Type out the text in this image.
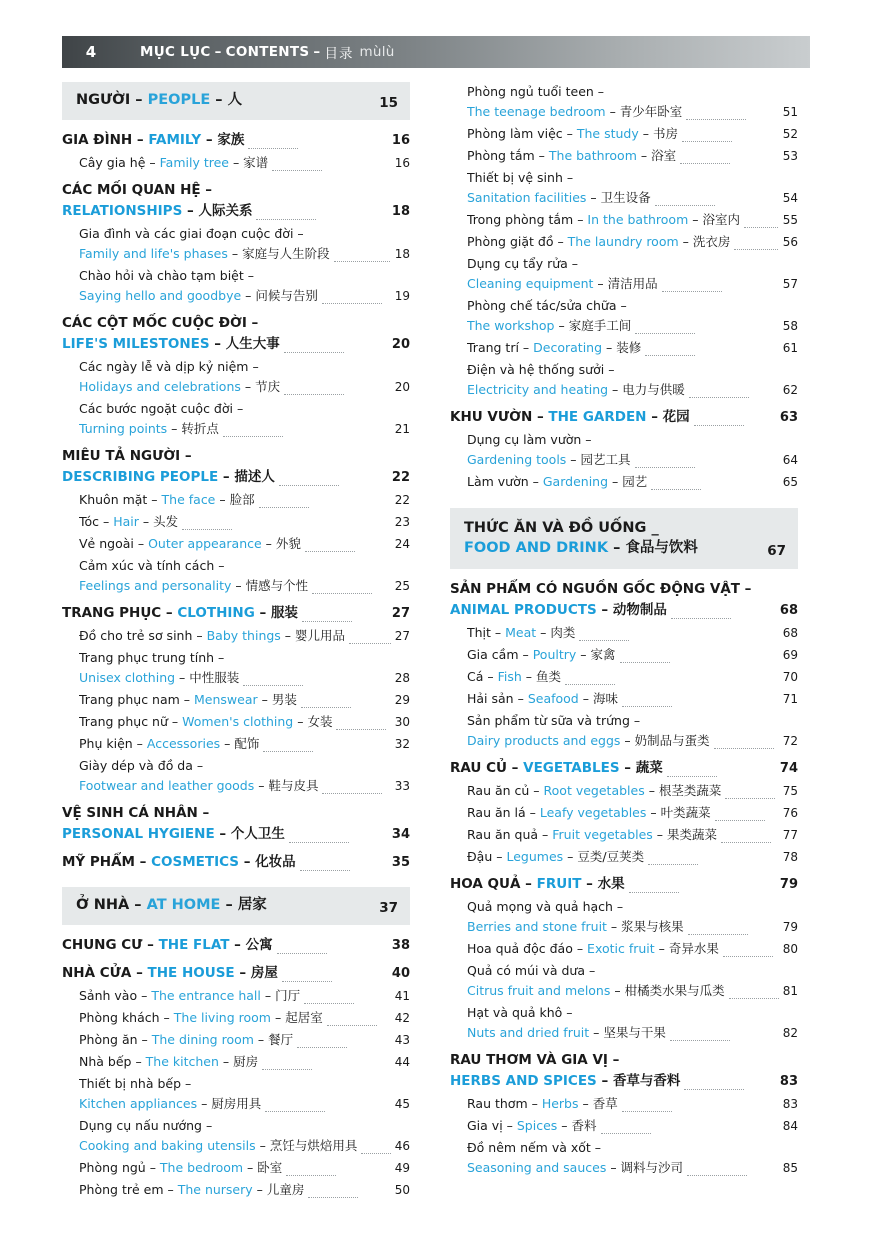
4	MỤC LỤC – CONTENTS – 目录 mùlù
NGƯỜI – PEOPLE – 人	15
GIA ĐÌNH – FAMILY – 家族	16
Cây gia hệ – Family tree – 家谱	16
CÁC MỐI QUAN HỆ –
RELATIONSHIPS – 人际关系	18
Gia đình và các giai đoạn cuộc đời –
Family and life's phases – 家庭与人生阶段	18
Chào hỏi và chào tạm biệt –
Saying hello and goodbye – 问候与告别	19
CÁC CỘT MỐC CUỘC ĐỜI –
LIFE'S MILESTONES – 人生大事	20
Các ngày lễ và dịp kỷ niệm –
Holidays and celebrations – 节庆	20
Các bước ngoặt cuộc đời –
Turning points – 转折点	21
MIÊU TẢ NGƯỜI –
DESCRIBING PEOPLE – 描述人	22
Khuôn mặt – The face – 脸部	22
Tóc – Hair – 头发	23
Vẻ ngoài – Outer appearance – 外貌	24
Cảm xúc và tính cách –
Feelings and personality – 情感与个性	25
TRANG PHỤC – CLOTHING – 服装	27
Đồ cho trẻ sơ sinh – Baby things – 婴儿用品	27
Trang phục trung tính –
Unisex clothing – 中性服装	28
Trang phục nam – Menswear – 男装	29
Trang phục nữ – Women's clothing – 女装	30
Phụ kiện – Accessories – 配饰	32
Giày dép và đồ da –
Footwear and leather goods – 鞋与皮具	33
VỆ SINH CÁ NHÂN –
PERSONAL HYGIENE – 个人卫生	34
MỸ PHẨM – COSMETICS – 化妆品	35
Ở NHÀ – AT HOME – 居家	37
CHUNG CƯ – THE FLAT – 公寓	38
NHÀ CỬA – THE HOUSE – 房屋	40
Sảnh vào – The entrance hall – 门厅	41
Phòng khách – The living room – 起居室	42
Phòng ăn – The dining room – 餐厅	43
Nhà bếp – The kitchen – 厨房	44
Thiết bị nhà bếp –
Kitchen appliances – 厨房用具	45
Dụng cụ nấu nướng –
Cooking and baking utensils – 烹饪与烘焙用具	46
Phòng ngủ – The bedroom – 卧室	49
Phòng trẻ em – The nursery – 儿童房	50
Phòng ngủ tuổi teen –
The teenage bedroom – 青少年卧室	51
Phòng làm việc – The study – 书房	52
Phòng tắm – The bathroom – 浴室	53
Thiết bị vệ sinh –
Sanitation facilities – 卫生设备	54
Trong phòng tắm – In the bathroom – 浴室内	55
Phòng giặt đồ – The laundry room – 洗衣房	56
Dụng cụ tẩy rửa –
Cleaning equipment – 清洁用品	57
Phòng chế tác/sửa chữa –
The workshop – 家庭手工间	58
Trang trí – Decorating – 装修	61
Điện và hệ thống sưởi –
Electricity and heating – 电力与供暖	62
KHU VƯỜN – THE GARDEN – 花园	63
Dụng cụ làm vườn –
Gardening tools – 园艺工具	64
Làm vườn – Gardening – 园艺	65
THỨC ĂN VÀ ĐỒ UỐNG _
FOOD AND DRINK – 食品与饮料	67
SẢN PHẨM CÓ NGUỒN GỐC ĐỘNG VẬT –
ANIMAL PRODUCTS – 动物制品	68
Thịt – Meat – 肉类	68
Gia cầm – Poultry – 家禽	69
Cá – Fish – 鱼类	70
Hải sản – Seafood – 海味	71
Sản phẩm từ sữa và trứng –
Dairy products and eggs – 奶制品与蛋类	72
RAU CỦ – VEGETABLES – 蔬菜	74
Rau ăn củ – Root vegetables – 根茎类蔬菜	75
Rau ăn lá – Leafy vegetables – 叶类蔬菜	76
Rau ăn quả – Fruit vegetables – 果类蔬菜	77
Đậu – Legumes – 豆类/豆荚类	78
HOA QUẢ – FRUIT – 水果	79
Quả mọng và quả hạch –
Berries and stone fruit – 浆果与核果	79
Hoa quả độc đáo – Exotic fruit – 奇异水果	80
Quả có múi và dưa –
Citrus fruit and melons – 柑橘类水果与瓜类	81
Hạt và quả khô –
Nuts and dried fruit – 坚果与干果	82
RAU THƠM VÀ GIA VỊ –
HERBS AND SPICES – 香草与香料	83
Rau thơm – Herbs – 香草	83
Gia vị – Spices – 香料	84
Đồ nêm nếm và xốt –
Seasoning and sauces – 调料与沙司	85
